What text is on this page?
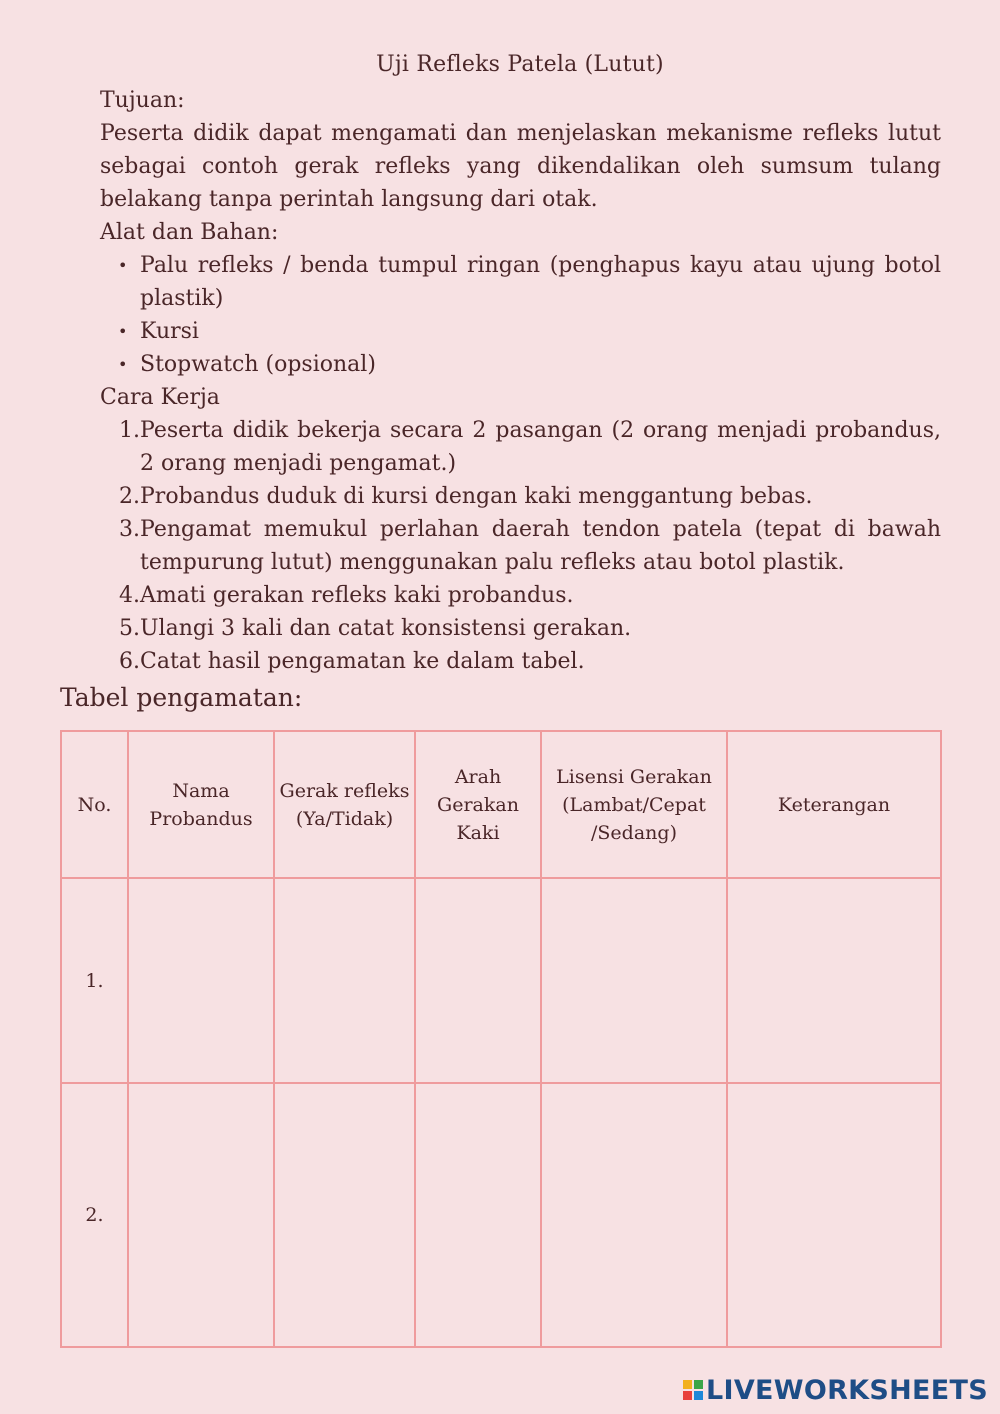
Uji Refleks Patela (Lutut)

Tujuan:

Peserta didik dapat mengamati dan menjelaskan mekanisme refleks lutut sebagai contoh gerak refleks yang dikendalikan oleh sumsum tulang belakang tanpa perintah langsung dari otak.

Alat dan Bahan:

• Palu refleks / benda tumpul ringan (penghapus kayu atau ujung botol plastik)
• Kursi
• Stopwatch (opsional)

Cara Kerja

1. Peserta didik bekerja secara 2 pasangan (2 orang menjadi probandus, 2 orang menjadi pengamat.)
2. Probandus duduk di kursi dengan kaki menggantung bebas.
3. Pengamat memukul perlahan daerah tendon patela (tepat di bawah tempurung lutut) menggunakan palu refleks atau botol plastik.
4. Amati gerakan refleks kaki probandus.
5. Ulangi 3 kali dan catat konsistensi gerakan.
6. Catat hasil pengamatan ke dalam tabel.
Tabel pengamatan:
No.	Nama Probandus	Gerak refleks (Ya/Tidak)	Arah Gerakan Kaki	Lisensi Gerakan (Lambat/Cepat /Sedang)	Keterangan
1.					
2.					
LIVEWORKSHEETS
